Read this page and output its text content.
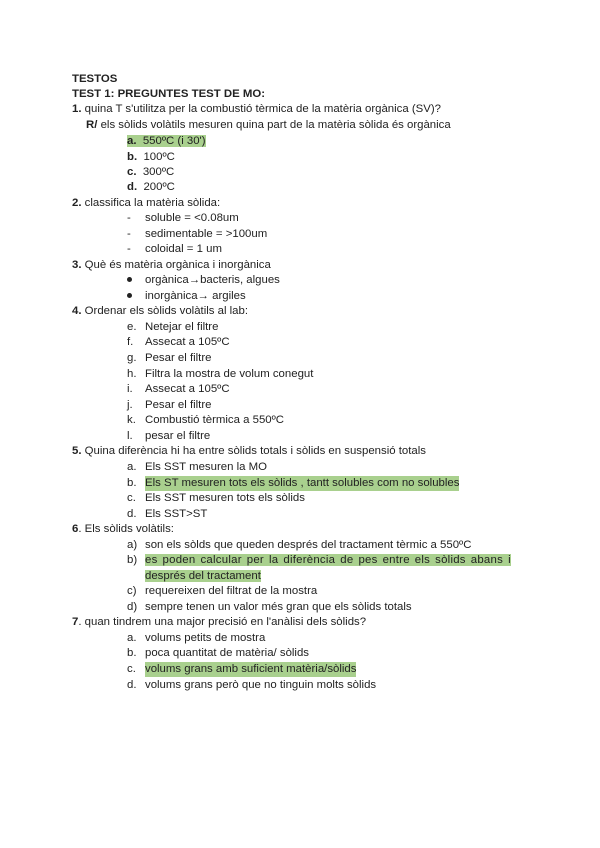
TESTOS
TEST 1: PREGUNTES TEST DE MO:
1. quina T s'utilitza per la combustió tèrmica de la matèria orgànica (SV)?
R/ els sòlids volàtils mesuren quina part de la matèria sòlida és orgànica
a. 550ºC (i 30')
b. 100ºC
c. 300ºC
d. 200ºC
2. classifica la matèria sòlida:
- soluble = <0.08um
- sedimentable = >100um
- coloidal = 1 um
3. Què és matèria orgànica i inorgànica
orgànica→bacteris, algues
inorgànica→ argiles
4. Ordenar els sòlids volàtils al lab:
e. Netejar el filtre
f. Assecat a 105ºC
g. Pesar el filtre
h. Filtra la mostra de volum conegut
i. Assecat a 105ºC
j. Pesar el filtre
k. Combustió tèrmica a 550ºC
l. pesar el filtre
5. Quina diferència hi ha entre sòlids totals i sòlids en suspensió totals
a. Els SST mesuren la MO
b. Els ST mesuren tots els sòlids , tantt solubles com no solubles
c. Els SST mesuren tots els sòlids
d. Els SST>ST
6. Els sòlids volàtils:
a) son els sòlds que queden després del tractament tèrmic a 550ºC
b) es poden calcular per la diferència de pes entre els sòlids abans i
després del tractament
c) requereixen del filtrat de la mostra
d) sempre tenen un valor més gran que els sòlids totals
7. quan tindrem una major precisió en l'anàlisi dels sòlids?
a. volums petits de mostra
b. poca quantitat de matèria/ sòlids
c. volums grans amb suficient matèria/sòlids
d. volums grans però que no tinguin molts sòlids
